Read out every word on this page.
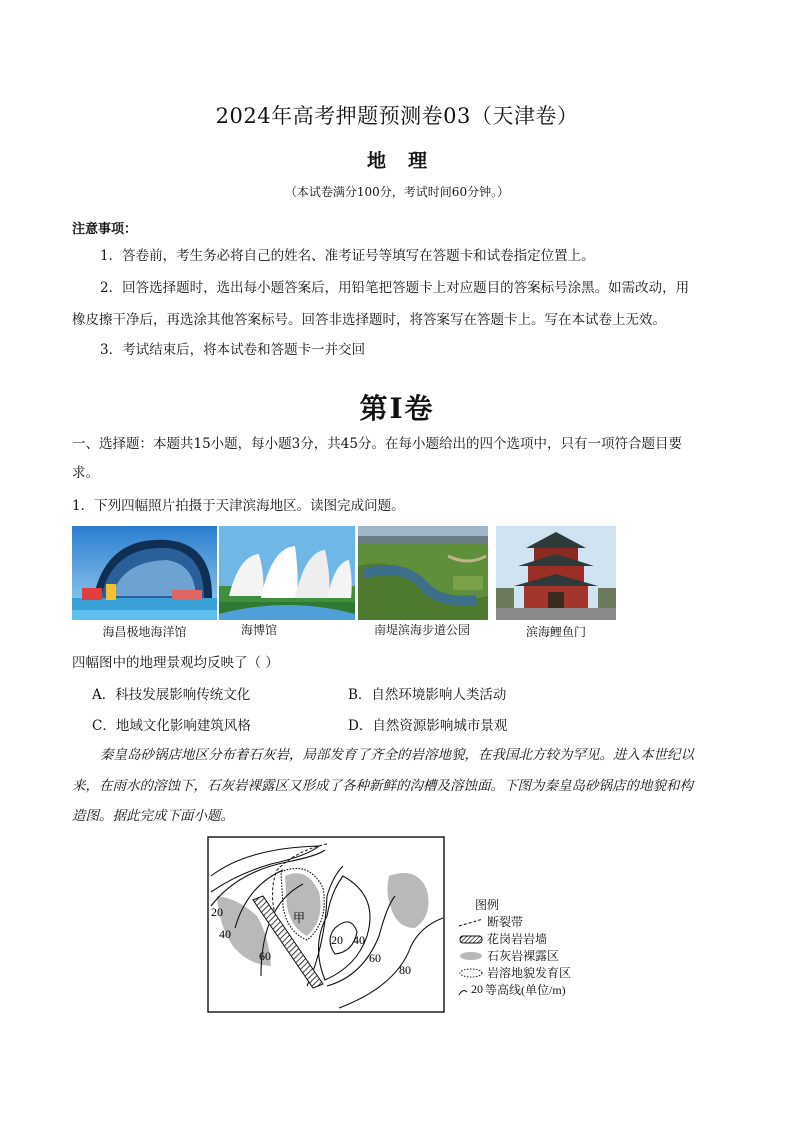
2024年高考押题预测卷03（天津卷）
地理
（本试卷满分100分，考试时间60分钟。）
注意事项：
1．答卷前，考生务必将自己的姓名、准考证号等填写在答题卡和试卷指定位置上。
2．回答选择题时，选出每小题答案后，用铅笔把答题卡上对应题目的答案标号涂黑。如需改动，用
橡皮擦干净后，再选涂其他答案标号。回答非选择题时，将答案写在答题卡上。写在本试卷上无效。
3．考试结束后，将本试卷和答题卡一并交回
第I卷
一、选择题：本题共15小题，每小题3分，共45分。在每小题给出的四个选项中，只有一项符合题目要
求。
1．下列四幅照片拍摄于天津滨海地区。读图完成问题。
海昌极地海洋馆	海博馆	南堤滨海步道公园	滨海鲤鱼门
四幅图中的地理景观均反映了（ ）
A．科技发展影响传统文化	B．自然环境影响人类活动
C．地域文化影响建筑风格	D．自然资源影响城市景观
秦皇岛砂锅店地区分布着石灰岩，局部发育了齐全的岩溶地貌，在我国北方较为罕见。进入本世纪以
来，在雨水的溶蚀下，石灰岩裸露区又形成了各种新鲜的沟槽及溶蚀面。下图为秦皇岛砂锅店的地貌和构
造图。据此完成下面小题。
20
40
60
甲
20 40
60
80
图例
断裂带
花岗岩岩墙
石灰岩裸露区
岩溶地貌发育区
20 等高线(单位/m)
